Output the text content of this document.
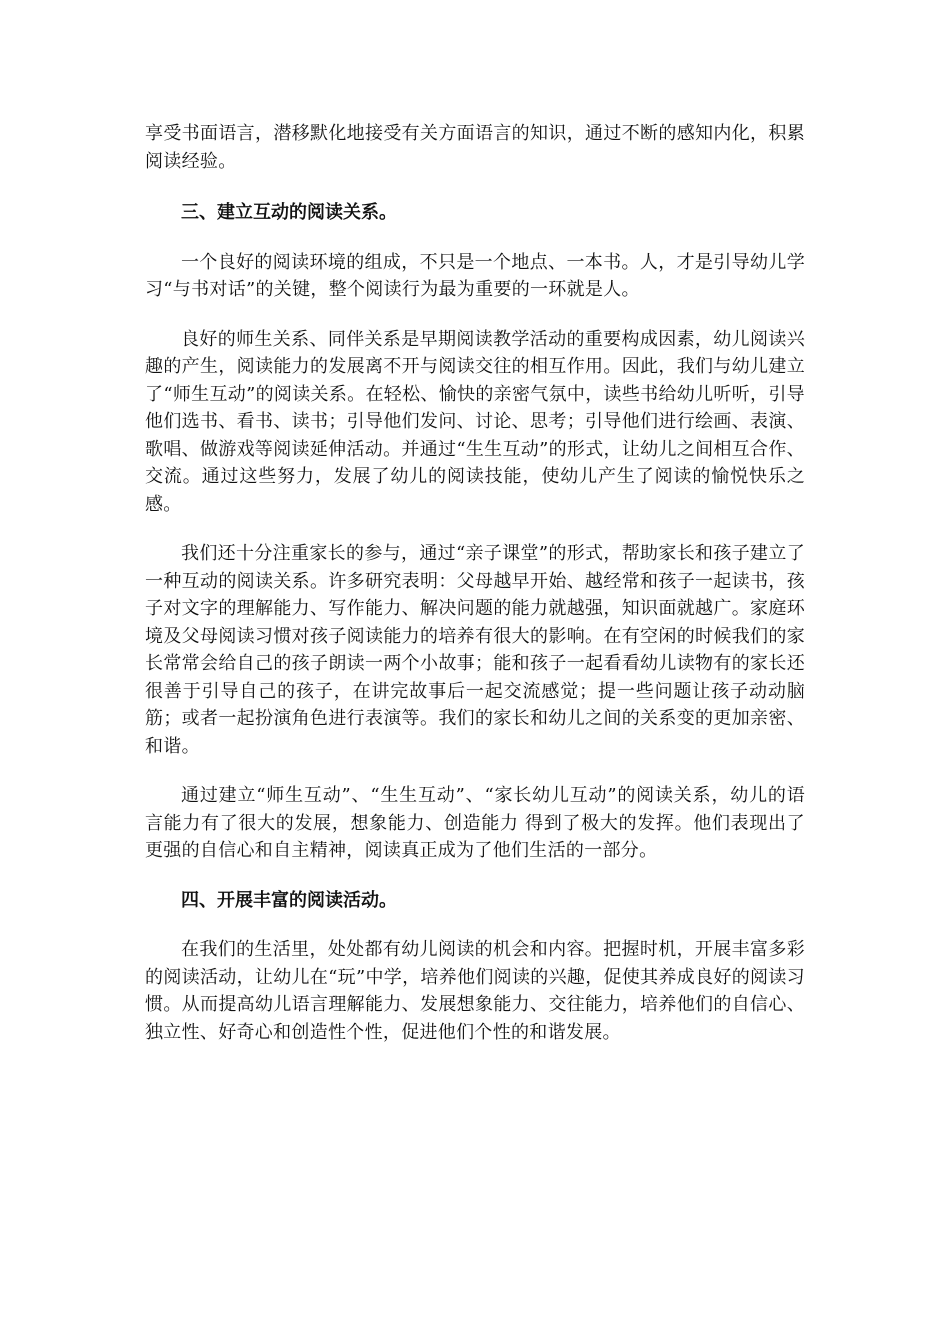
享受书面语言，潜移默化地接受有关方面语言的知识，通过不断的感知内化，积累阅读经验。

三、建立互动的阅读关系。

一个良好的阅读环境的组成，不只是一个地点、一本书。人，才是引导幼儿学习“与书对话”的关键，整个阅读行为最为重要的一环就是人。

良好的师生关系、同伴关系是早期阅读教学活动的重要构成因素，幼儿阅读兴趣的产生，阅读能力的发展离不开与阅读交往的相互作用。因此，我们与幼儿建立了“师生互动”的阅读关系。在轻松、愉快的亲密气氛中，读些书给幼儿听听，引导他们选书、看书、读书；引导他们发问、讨论、思考；引导他们进行绘画、表演、歌唱、做游戏等阅读延伸活动。并通过“生生互动”的形式，让幼儿之间相互合作、交流。通过这些努力，发展了幼儿的阅读技能，使幼儿产生了阅读的愉悦快乐之感。

我们还十分注重家长的参与，通过“亲子课堂”的形式，帮助家长和孩子建立了一种互动的阅读关系。许多研究表明：父母越早开始、越经常和孩子一起读书，孩子对文字的理解能力、写作能力、解决问题的能力就越强，知识面就越广。家庭环境及父母阅读习惯对孩子阅读能力的培养有很大的影响。在有空闲的时候我们的家长常常会给自己的孩子朗读一两个小故事；能和孩子一起看看幼儿读物有的家长还很善于引导自己的孩子，在讲完故事后一起交流感觉；提一些问题让孩子动动脑筋；或者一起扮演角色进行表演等。我们的家长和幼儿之间的关系变的更加亲密、和谐。

通过建立“师生互动”、“生生互动”、“家长幼儿互动”的阅读关系，幼儿的语言能力有了很大的发展，想象能力、创造能力 得到了极大的发挥。他们表现出了更强的自信心和自主精神，阅读真正成为了他们生活的一部分。

四、开展丰富的阅读活动。

在我们的生活里，处处都有幼儿阅读的机会和内容。把握时机，开展丰富多彩的阅读活动，让幼儿在“玩”中学，培养他们阅读的兴趣，促使其养成良好的阅读习惯。从而提高幼儿语言理解能力、发展想象能力、交往能力，培养他们的自信心、独立性、好奇心和创造性个性，促进他们个性的和谐发展。
